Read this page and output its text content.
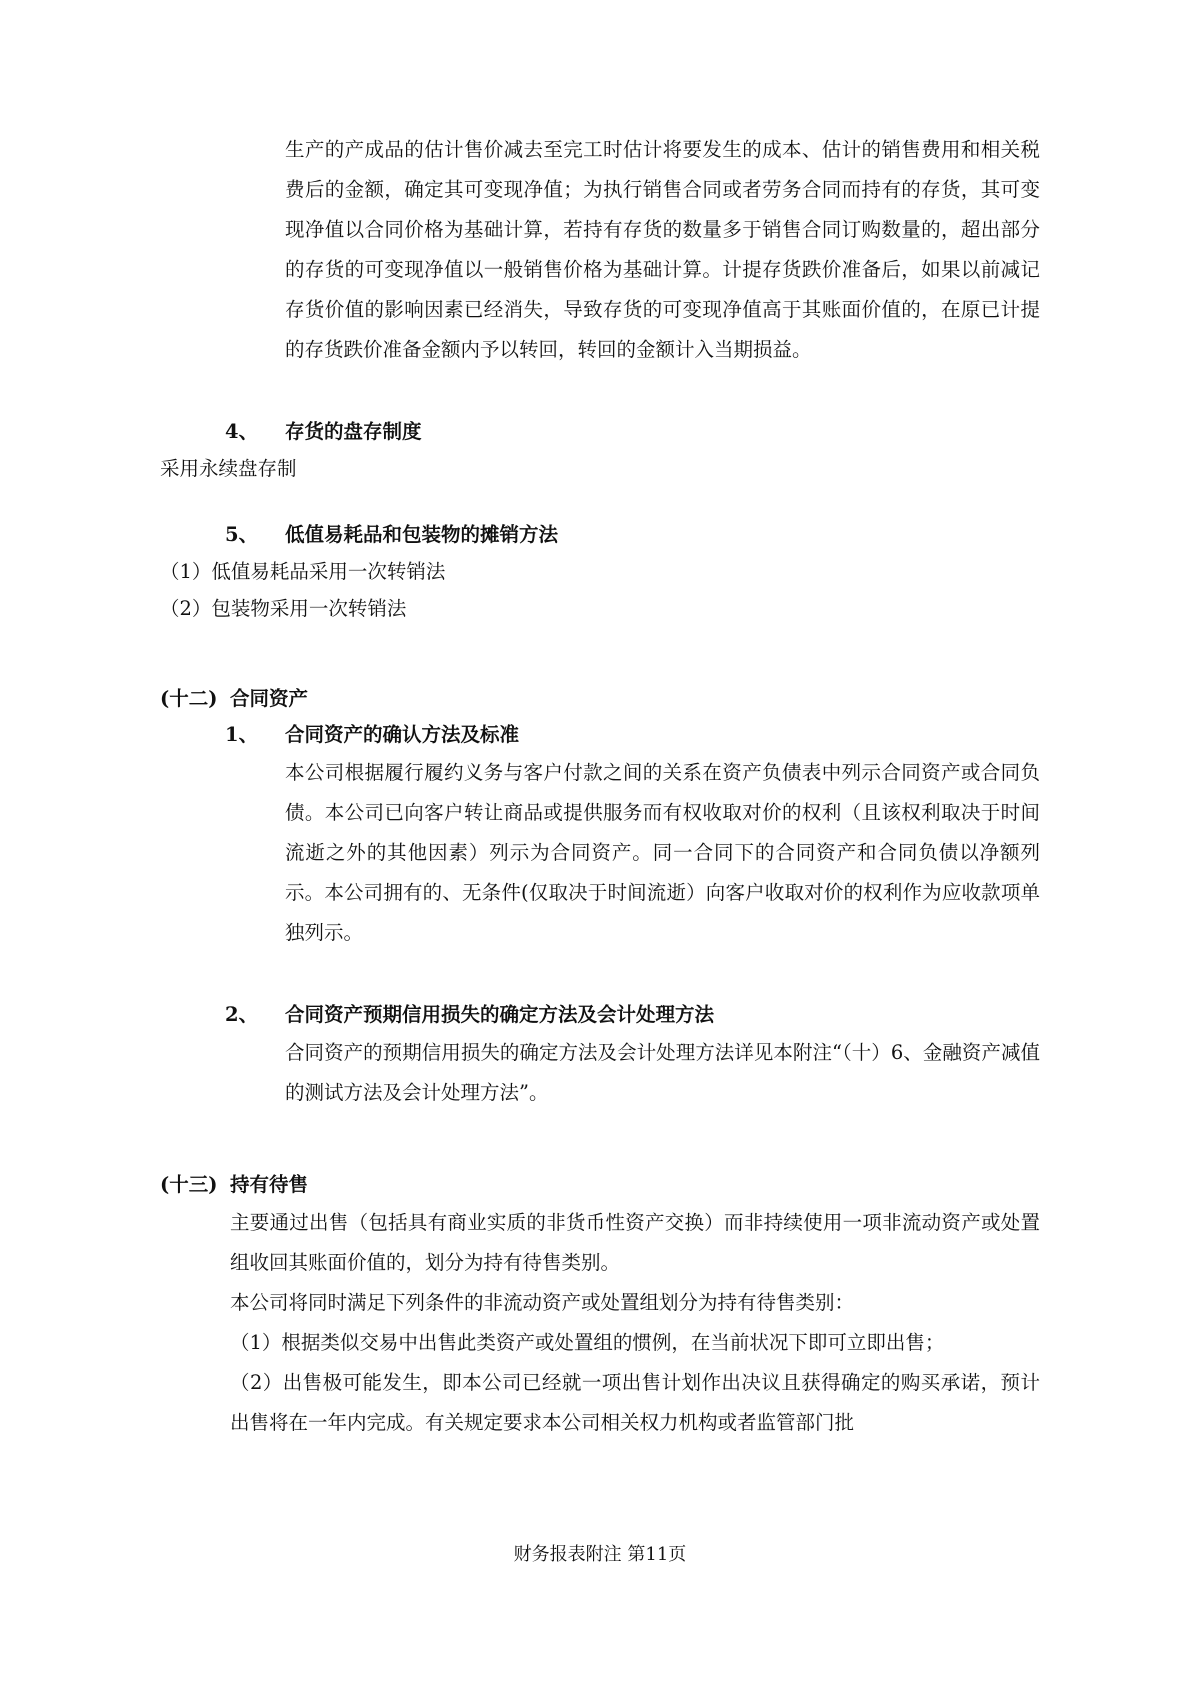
生产的产成品的估计售价减去至完工时估计将要发生的成本、估计的销售费用和相关税费后的金额，确定其可变现净值；为执行销售合同或者劳务合同而持有的存货，其可变现净值以合同价格为基础计算，若持有存货的数量多于销售合同订购数量的，超出部分的存货的可变现净值以一般销售价格为基础计算。计提存货跌价准备后，如果以前减记存货价值的影响因素已经消失，导致存货的可变现净值高于其账面价值的，在原已计提的存货跌价准备金额内予以转回，转回的金额计入当期损益。

4、	存货的盘存制度

采用永续盘存制

5、	低值易耗品和包装物的摊销方法

（1）低值易耗品采用一次转销法

（2）包装物采用一次转销法

(十二) 合同资产
1、	合同资产的确认方法及标准

本公司根据履行履约义务与客户付款之间的关系在资产负债表中列示合同资产或合同负债。本公司已向客户转让商品或提供服务而有权收取对价的权利（且该权利取决于时间流逝之外的其他因素）列示为合同资产。同一合同下的合同资产和合同负债以净额列示。本公司拥有的、无条件(仅取决于时间流逝）向客户收取对价的权利作为应收款项单独列示。

2、	合同资产预期信用损失的确定方法及会计处理方法

合同资产的预期信用损失的确定方法及会计处理方法详见本附注“（十）6、金融资产减值的测试方法及会计处理方法”。

(十三) 持有待售

主要通过出售（包括具有商业实质的非货币性资产交换）而非持续使用一项非流动资产或处置组收回其账面价值的，划分为持有待售类别。

本公司将同时满足下列条件的非流动资产或处置组划分为持有待售类别：

（1）根据类似交易中出售此类资产或处置组的惯例，在当前状况下即可立即出售；

（2）出售极可能发生，即本公司已经就一项出售计划作出决议且获得确定的购买承诺，预计出售将在一年内完成。有关规定要求本公司相关权力机构或者监管部门批

财务报表附注 第11页
